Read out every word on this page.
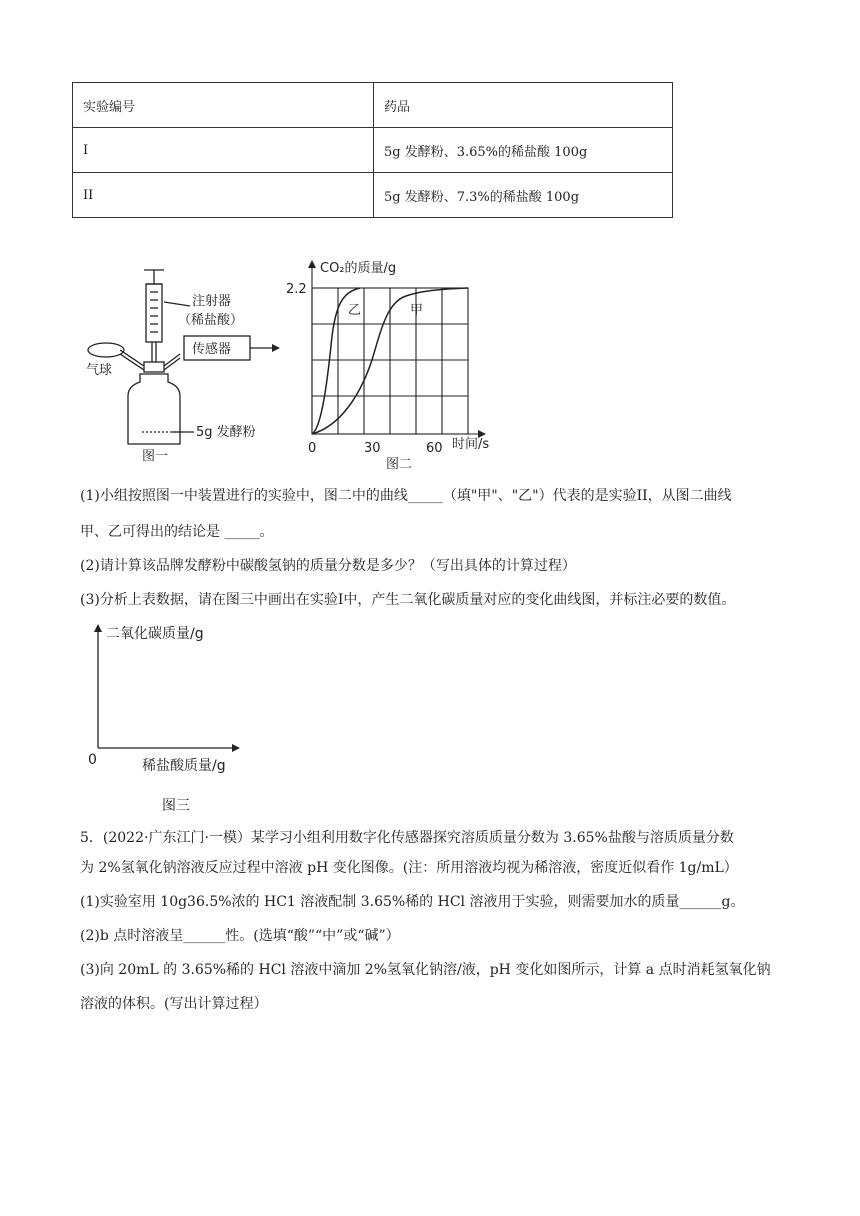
实验编号	药品
I	5g 发酵粉、3.65%的稀盐酸 100g
II	5g 发酵粉、7.3%的稀盐酸 100g
注射器
（稀盐酸）
传感器
气球
5g 发酵粉
图一
CO₂的质量/g
2.2
0	30	60 时间/s
乙	甲
图二
(1)小组按照图一中装置进行的实验中，图二中的曲线_____（填"甲"、"乙"）代表的是实验II，从图二曲线
甲、乙可得出的结论是 _____。
(2)请计算该品牌发酵粉中碳酸氢钠的质量分数是多少？（写出具体的计算过程）
(3)分析上表数据，请在图三中画出在实验I中，产生二氧化碳质量对应的变化曲线图，并标注必要的数值。
二氧化碳质量/g
0	稀盐酸质量/g
图三
5．(2022·广东江门·一模）某学习小组利用数字化传感器探究溶质质量分数为 3.65%盐酸与溶质质量分数
为 2%氢氧化钠溶液反应过程中溶液 pH 变化图像。(注：所用溶液均视为稀溶液，密度近似看作 1g/mL）
(1)实验室用 10g36.5%浓的 HC1 溶液配制 3.65%稀的 HCl 溶液用于实验，则需要加水的质量______g。
(2)b 点时溶液呈______性。(选填“酸”“中”或“碱”）
(3)向 20mL 的 3.65%稀的 HCl 溶液中滴加 2%氢氧化钠溶/液，pH 变化如图所示，计算 a 点时消耗氢氧化钠
溶液的体积。(写出计算过程）
